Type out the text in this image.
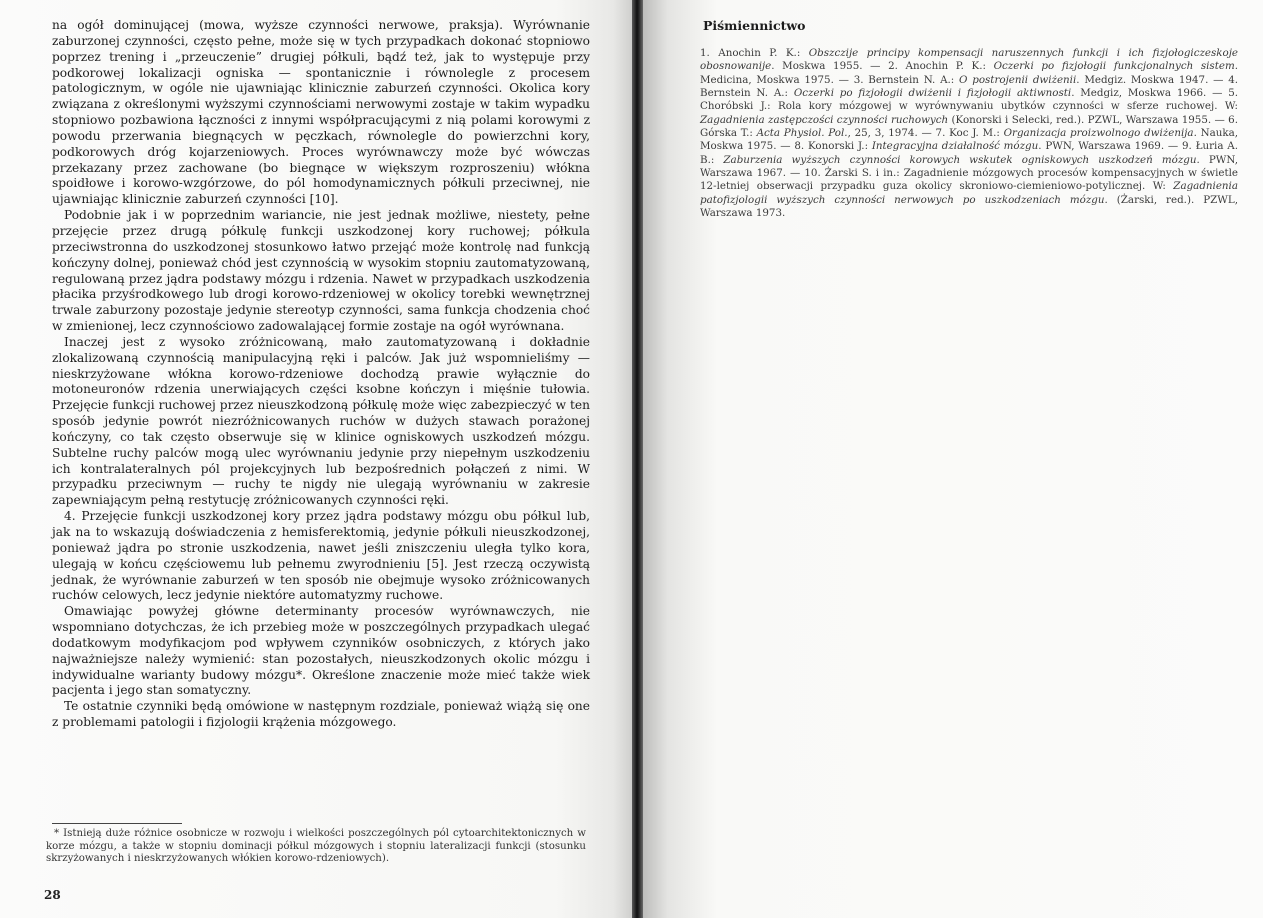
na ogół dominującej (mowa, wyższe czynności nerwowe, praksja). Wyrównanie zaburzonej czynności, często pełne, może się w tych przypadkach dokonać stopniowo poprzez trening i „przeuczenie” drugiej półkuli, bądź też, jak to występuje przy podkorowej lokalizacji ogniska — spontanicznie i równolegle z procesem patologicznym, w ogóle nie ujawniając klinicznie zaburzeń czynności. Okolica kory związana z określonymi wyższymi czynnościami nerwowymi zostaje w takim wypadku stopniowo pozbawiona łączności z innymi współpracującymi z nią polami korowymi z powodu przerwania biegnących w pęczkach, równolegle do powierzchni kory, podkorowych dróg kojarzeniowych. Proces wyrównawczy może być wówczas przekazany przez zachowane (bo biegnące w większym rozproszeniu) włókna spoidłowe i korowo-wzgórzowe, do pól homodynamicznych półkuli przeciwnej, nie ujawniając klinicznie zaburzeń czynności [10].

Podobnie jak i w poprzednim wariancie, nie jest jednak możliwe, niestety, pełne przejęcie przez drugą półkulę funkcji uszkodzonej kory ruchowej; półkula przeciwstronna do uszkodzonej stosunkowo łatwo przejąć może kontrolę nad funkcją kończyny dolnej, ponieważ chód jest czynnością w wysokim stopniu zautomatyzowaną, regulowaną przez jądra podstawy mózgu i rdzenia. Nawet w przypadkach uszkodzenia płacika przyśrodkowego lub drogi korowo-rdzeniowej w okolicy torebki wewnętrznej trwale zaburzony pozostaje jedynie stereotyp czynności, sama funkcja chodzenia choć w zmienionej, lecz czynnościowo zadowalającej formie zostaje na ogół wyrównana.

Inaczej jest z wysoko zróżnicowaną, mało zautomatyzowaną i dokładnie zlokalizowaną czynnością manipulacyjną ręki i palców. Jak już wspomnieliśmy — nieskrzyżowane włókna korowo-rdzeniowe dochodzą prawie wyłącznie do motoneuronów rdzenia unerwiających części ksobne kończyn i mięśnie tułowia. Przejęcie funkcji ruchowej przez nieuszkodzoną półkulę może więc zabezpieczyć w ten sposób jedynie powrót niezróżnicowanych ruchów w dużych stawach porażonej kończyny, co tak często obserwuje się w klinice ogniskowych uszkodzeń mózgu. Subtelne ruchy palców mogą ulec wyrównaniu jedynie przy niepełnym uszkodzeniu ich kontralateralnych pól projekcyjnych lub bezpośrednich połączeń z nimi. W przypadku przeciwnym — ruchy te nigdy nie ulegają wyrównaniu w zakresie zapewniającym pełną restytucję zróżnicowanych czynności ręki.

4. Przejęcie funkcji uszkodzonej kory przez jądra podstawy mózgu obu półkul lub, jak na to wskazują doświadczenia z hemisferektomią, jedynie półkuli nieuszkodzonej, ponieważ jądra po stronie uszkodzenia, nawet jeśli zniszczeniu uległa tylko kora, ulegają w końcu częściowemu lub pełnemu zwyrodnieniu [5]. Jest rzeczą oczywistą jednak, że wyrównanie zaburzeń w ten sposób nie obejmuje wysoko zróżnicowanych ruchów celowych, lecz jedynie niektóre automatyzmy ruchowe.

Omawiając powyżej główne determinanty procesów wyrównawczych, nie wspomniano dotychczas, że ich przebieg może w poszczególnych przypadkach ulegać dodatkowym modyfikacjom pod wpływem czynników osobniczych, z których jako najważniejsze należy wymienić: stan pozostałych, nieuszkodzonych okolic mózgu i indywidualne warianty budowy mózgu*. Określone znaczenie może mieć także wiek pacjenta i jego stan somatyczny.

Te ostatnie czynniki będą omówione w następnym rozdziale, ponieważ wiążą się one z problemami patologii i fizjologii krążenia mózgowego.

* Istnieją duże różnice osobnicze w rozwoju i wielkości poszczególnych pól cytoarchitektonicznych w korze mózgu, a także w stopniu dominacji półkul mózgowych i stopniu lateralizacji funkcji (stosunku skrzyżowanych i nieskrzyżowanych włókien korowo-rdzeniowych).
28
Piśmiennictwo
1. Anochin P. K.: Obszczije principy kompensacji naruszennych funkcji i ich fizjołogiczeskoje obosnowanije. Moskwa 1955. — 2. Anochin P. K.: Oczerki po fizjołogii funkcjonalnych sistem. Medicina, Moskwa 1975. — 3. Bernstein N. A.: O postrojenii dwiżenii. Medgiz. Moskwa 1947. — 4. Bernstein N. A.: Oczerki po fizjołogii dwiżenii i fizjołogii aktiwnosti. Medgiz, Moskwa 1966. — 5. Choróbski J.: Rola kory mózgowej w wyrównywaniu ubytków czynności w sferze ruchowej. W: Zagadnienia zastępczości czynności ruchowych (Konorski i Selecki, red.). PZWL, Warszawa 1955. — 6. Górska T.: Acta Physiol. Pol., 25, 3, 1974. — 7. Koc J. M.: Organizacja proizwolnogo dwiżenija. Nauka, Moskwa 1975. — 8. Konorski J.: Integracyjna działalność mózgu. PWN, Warszawa 1969. — 9. Łuria A. B.: Zaburzenia wyższych czynności korowych wskutek ogniskowych uszkodzeń mózgu. PWN, Warszawa 1967. — 10. Żarski S. i in.: Zagadnienie mózgowych procesów kompensacyjnych w świetle 12-letniej obserwacji przypadku guza okolicy skroniowo-ciemieniowo-potylicznej. W: Zagadnienia patofizjologii wyższych czynności nerwowych po uszkodzeniach mózgu. (Żarski, red.). PZWL, Warszawa 1973.
